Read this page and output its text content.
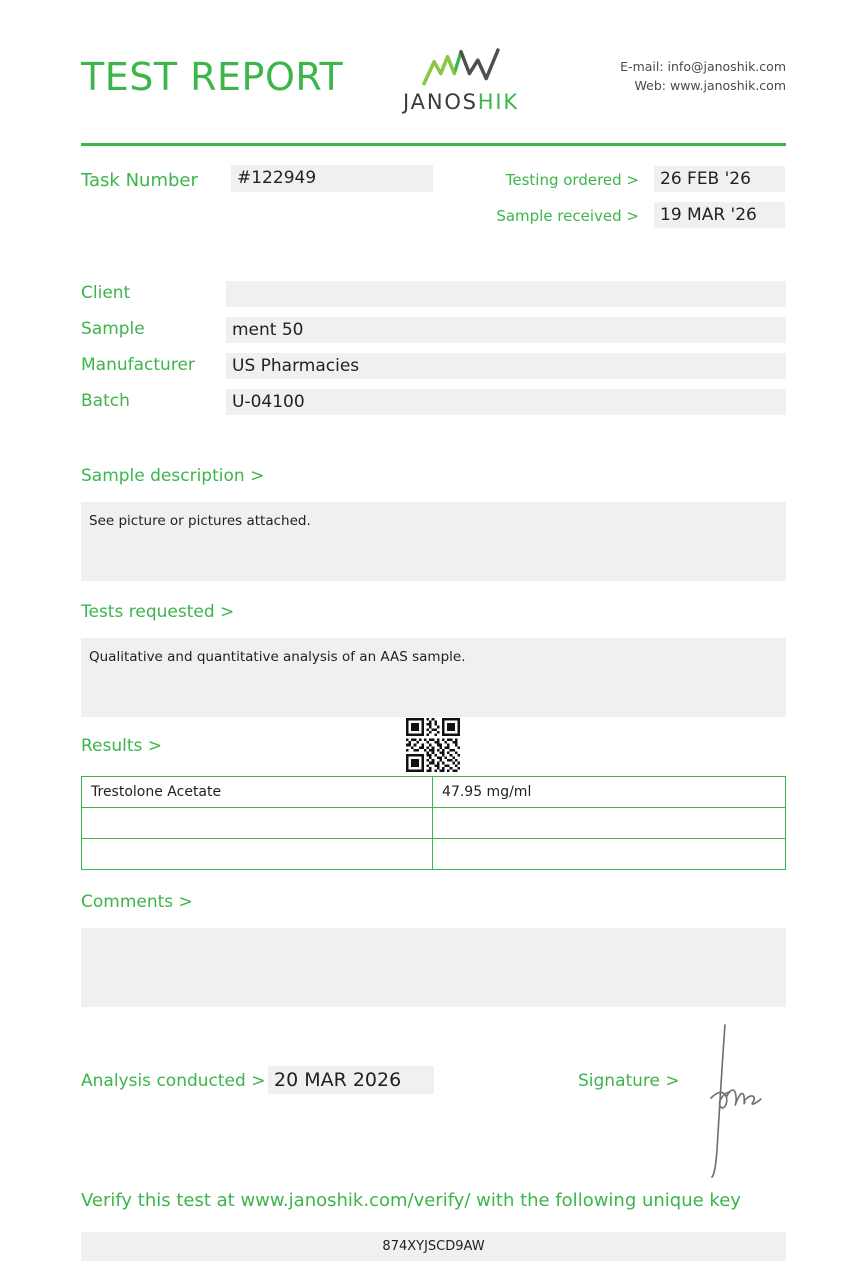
TEST REPORT
JANOSHIK
E-mail: info@janoshik.com
Web: www.janoshik.com
Task Number	#122949	Testing ordered >	26 FEB '26
Sample received >	19 MAR '26
Client
Sample	ment 50
Manufacturer	US Pharmacies
Batch	U-04100
Sample description >
See picture or pictures attached.
Tests requested >
Qualitative and quantitative analysis of an AAS sample.
Results >
Trestolone Acetate	47.95 mg/ml

Comments >
Analysis conducted > 20 MAR 2026	Signature >
Verify this test at www.janoshik.com/verify/ with the following unique key
874XYJSCD9AW
